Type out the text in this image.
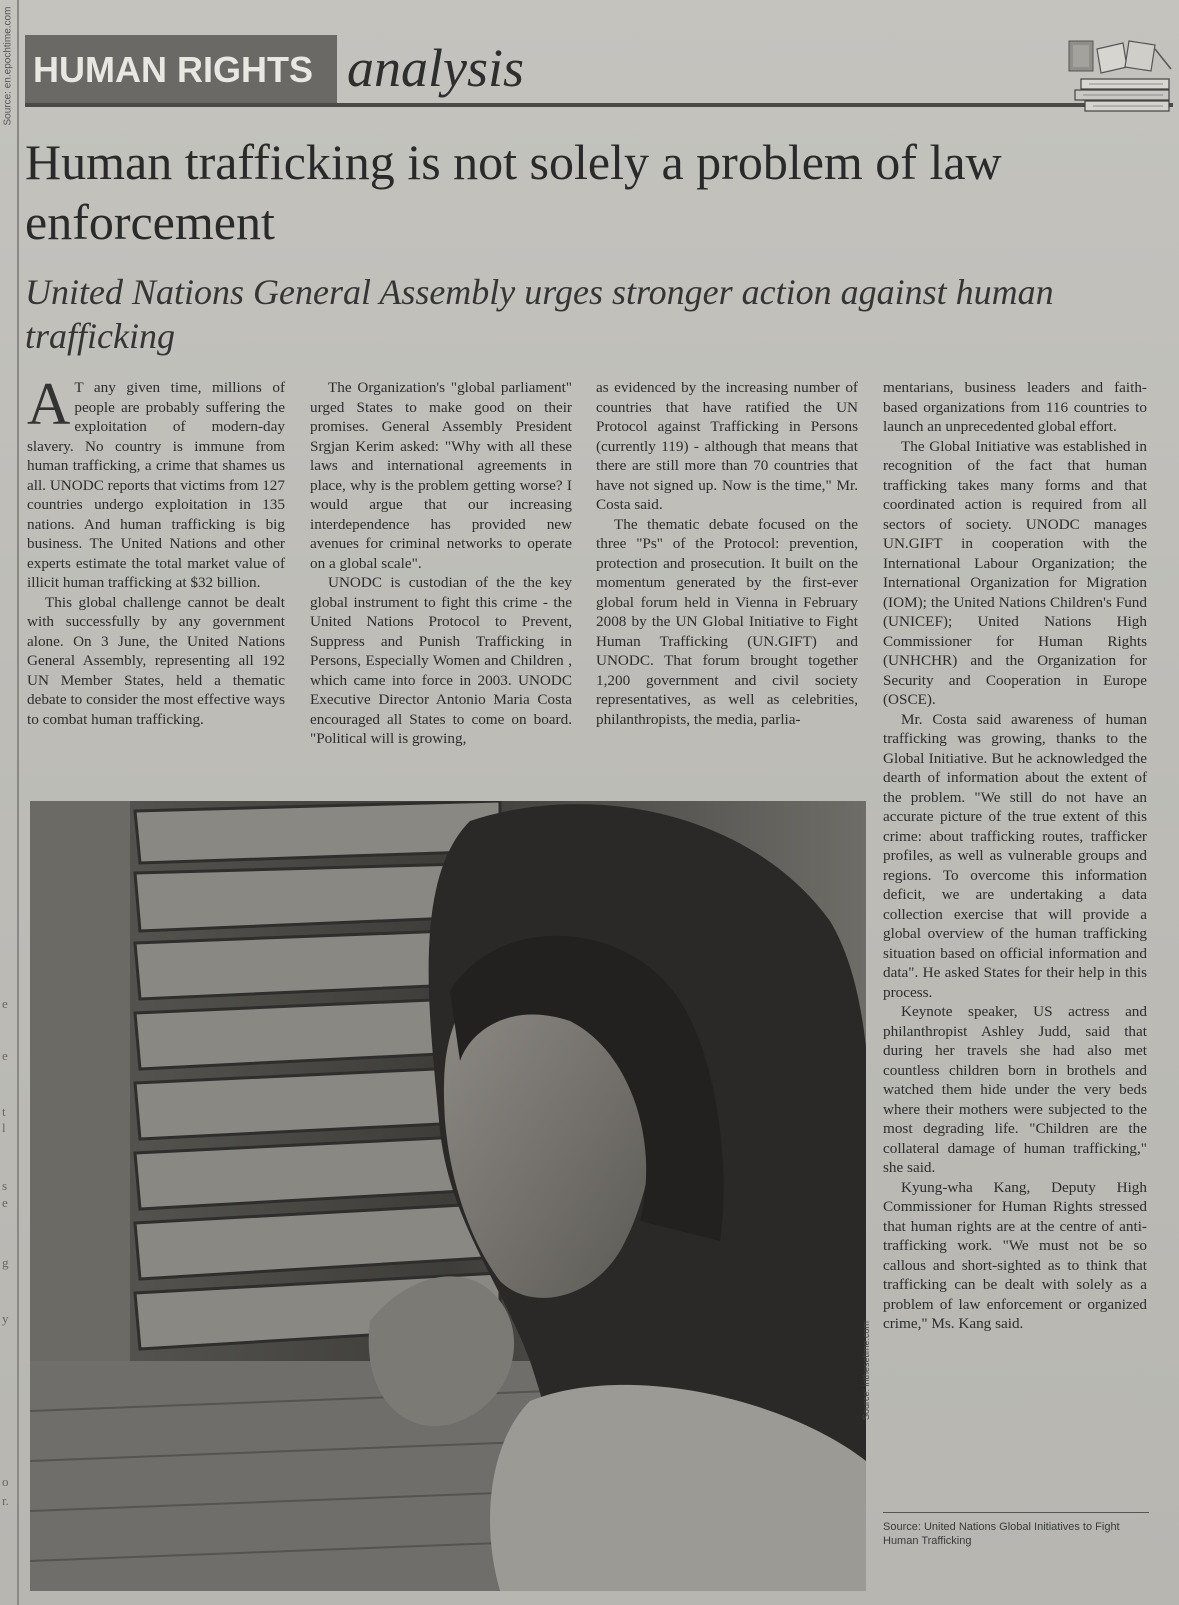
Source: en.epochtime.com
e
e
t
l
s
e
g
y
o
r.
HUMAN RIGHTS analysis
Human trafficking is not solely a problem of law enforcement
United Nations General Assembly urges stronger action against human trafficking

A T any given time, millions of people are probably suffering the exploitation of modern-day slavery. No country is immune from human trafficking, a crime that shames us all. UNODC reports that victims from 127 countries undergo exploitation in 135 nations. And human trafficking is big business. The United Nations and other experts estimate the total market value of illicit human trafficking at $32 billion.

This global challenge cannot be dealt with successfully by any government alone. On 3 June, the United Nations General Assembly, representing all 192 UN Member States, held a thematic debate to consider the most effective ways to combat human trafficking.

The Organization's "global parliament" urged States to make good on their promises. General Assembly President Srgjan Kerim asked: "Why with all these laws and international agreements in place, why is the problem getting worse? I would argue that our increasing interdependence has provided new avenues for criminal networks to operate on a global scale".

UNODC is custodian of the the key global instrument to fight this crime - the United Nations Protocol to Prevent, Suppress and Punish Trafficking in Persons, Especially Women and Children , which came into force in 2003. UNODC Executive Director Antonio Maria Costa encouraged all States to come on board. "Political will is growing,

as evidenced by the increasing number of countries that have ratified the UN Protocol against Trafficking in Persons (currently 119) - although that means that there are still more than 70 countries that have not signed up. Now is the time," Mr. Costa said.

The thematic debate focused on the three "Ps" of the Protocol: prevention, protection and prosecution. It built on the momentum generated by the first-ever global forum held in Vienna in February 2008 by the UN Global Initiative to Fight Human Trafficking (UN.GIFT) and UNODC. That forum brought together 1,200 government and civil society representatives, as well as celebrities, philanthropists, the media, parlia-

mentarians, business leaders and faith-based organizations from 116 countries to launch an unprecedented global effort.

The Global Initiative was established in recognition of the fact that human trafficking takes many forms and that coordinated action is required from all sectors of society. UNODC manages UN.GIFT in cooperation with the International Labour Organization; the International Organization for Migration (IOM); the United Nations Children's Fund (UNICEF); United Nations High Commissioner for Human Rights (UNHCHR) and the Organization for Security and Cooperation in Europe (OSCE).

Mr. Costa said awareness of human trafficking was growing, thanks to the Global Initiative. But he acknowledged the dearth of information about the extent of the problem. "We still do not have an accurate picture of the true extent of this crime: about trafficking routes, trafficker profiles, as well as vulnerable groups and regions. To overcome this information deficit, we are undertaking a data collection exercise that will provide a global overview of the human trafficking situation based on official information and data". He asked States for their help in this process.

Keynote speaker, US actress and philanthropist Ashley Judd, said that during her travels she had also met countless children born in brothels and watched them hide under the very beds where their mothers were subjected to the most degrading life. "Children are the collateral damage of human trafficking," she said.

Kyung-wha Kang, Deputy High Commissioner for Human Rights stressed that human rights are at the centre of anti-trafficking work. "We must not be so callous and short-sighted as to think that trafficking can be dealt with solely as a problem of law enforcement or organized crime," Ms. Kang said.

Source: inthesetime.com
Source: United Nations Global Initiatives to Fight Human Trafficking
